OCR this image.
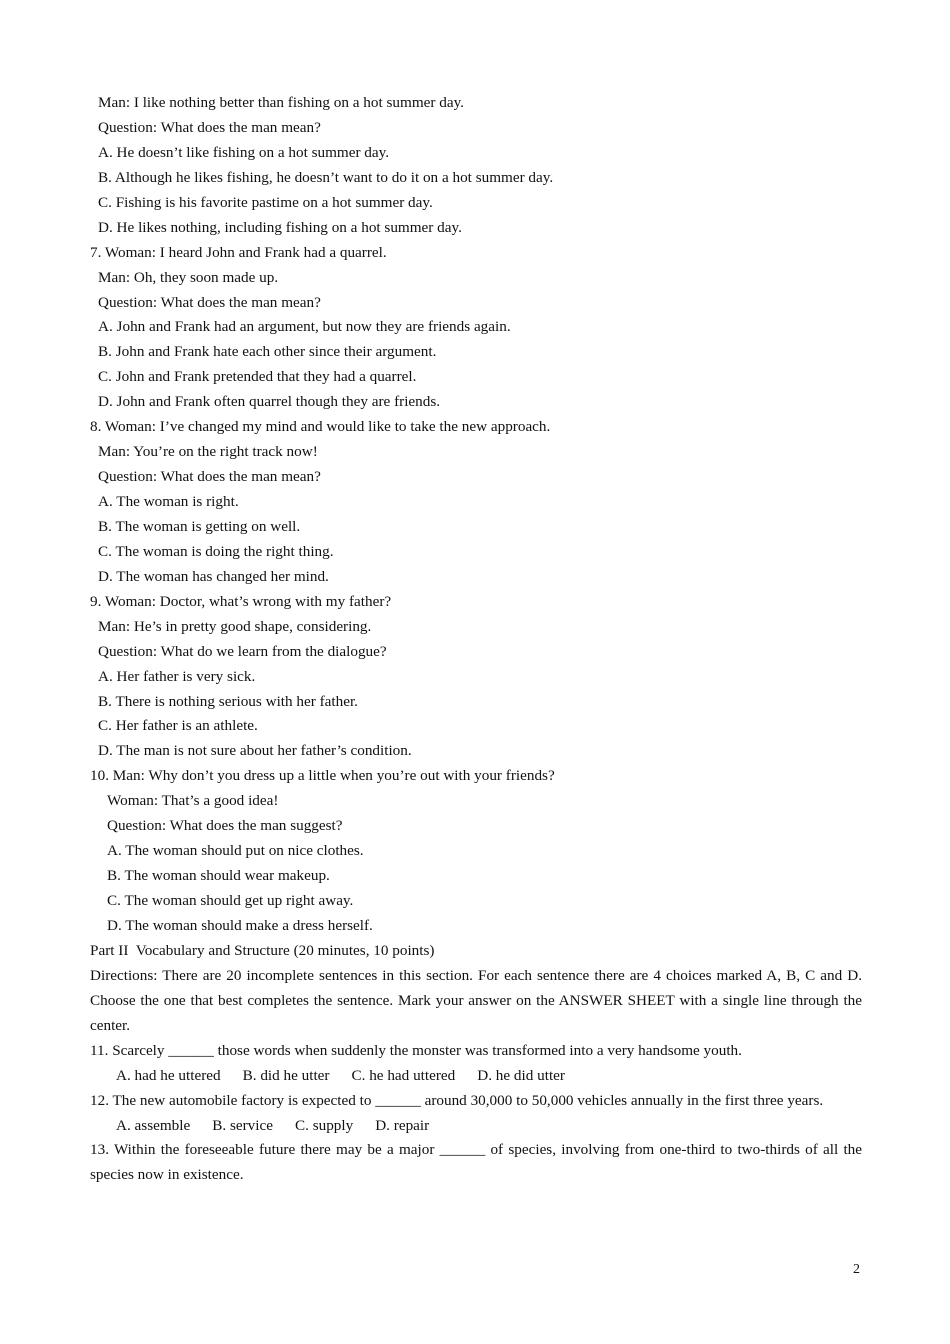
Man: I like nothing better than fishing on a hot summer day.
Question: What does the man mean?
A. He doesn’t like fishing on a hot summer day.
B. Although he likes fishing, he doesn’t want to do it on a hot summer day.
C. Fishing is his favorite pastime on a hot summer day.
D. He likes nothing, including fishing on a hot summer day.
7. Woman: I heard John and Frank had a quarrel.
Man: Oh, they soon made up.
Question: What does the man mean?
A. John and Frank had an argument, but now they are friends again.
B. John and Frank hate each other since their argument.
C. John and Frank pretended that they had a quarrel.
D. John and Frank often quarrel though they are friends.
8. Woman: I’ve changed my mind and would like to take the new approach.
Man: You’re on the right track now!
Question: What does the man mean?
A. The woman is right.
B. The woman is getting on well.
C. The woman is doing the right thing.
D. The woman has changed her mind.
9. Woman: Doctor, what’s wrong with my father?
Man: He’s in pretty good shape, considering.
Question: What do we learn from the dialogue?
A. Her father is very sick.
B. There is nothing serious with her father.
C. Her father is an athlete.
D. The man is not sure about her father’s condition.
10. Man: Why don’t you dress up a little when you’re out with your friends?
Woman: That’s a good idea!
Question: What does the man suggest?
A. The woman should put on nice clothes.
B. The woman should wear makeup.
C. The woman should get up right away.
D. The woman should make a dress herself.
Part II  Vocabulary and Structure (20 minutes, 10 points)
Directions: There are 20 incomplete sentences in this section. For each sentence there are 4 choices marked A, B, C and D. Choose the one that best completes the sentence. Mark your answer on the ANSWER SHEET with a single line through the center.
11. Scarcely ______ those words when suddenly the monster was transformed into a very handsome youth.
A. had he uttered B. did he utter C. he had uttered D. he did utter
12. The new automobile factory is expected to ______ around 30,000 to 50,000 vehicles annually in the first three years.
A. assemble B. service C. supply D. repair
13. Within the foreseeable future there may be a major ______ of species, involving from one-third to two-thirds of all the species now in existence.
2
